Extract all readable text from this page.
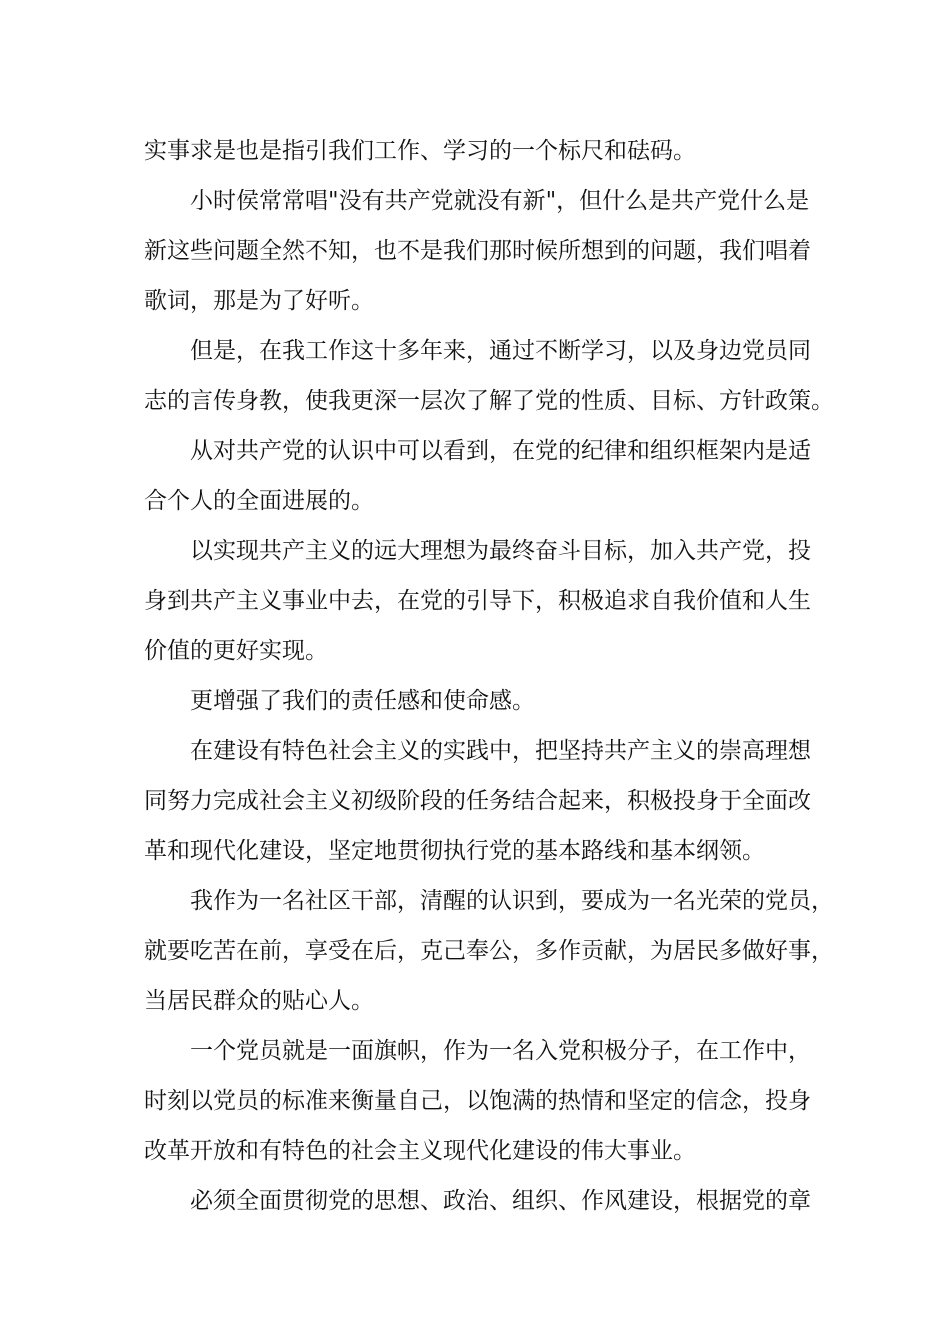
实事求是也是指引我们工作、学习的一个标尺和砝码。
小时侯常常唱"没有共产党就没有新"，但什么是共产党什么是
新这些问题全然不知，也不是我们那时候所想到的问题，我们唱着
歌词，那是为了好听。
但是，在我工作这十多年来，通过不断学习，以及身边党员同
志的言传身教，使我更深一层次了解了党的性质、目标、方针政策。
从对共产党的认识中可以看到，在党的纪律和组织框架内是适
合个人的全面进展的。
以实现共产主义的远大理想为最终奋斗目标，加入共产党，投
身到共产主义事业中去，在党的引导下，积极追求自我价值和人生
价值的更好实现。
更增强了我们的责任感和使命感。
在建设有特色社会主义的实践中，把坚持共产主义的崇高理想
同努力完成社会主义初级阶段的任务结合起来，积极投身于全面改
革和现代化建设，坚定地贯彻执行党的基本路线和基本纲领。
我作为一名社区干部，清醒的认识到，要成为一名光荣的党员，
就要吃苦在前，享受在后，克己奉公，多作贡献，为居民多做好事，
当居民群众的贴心人。
一个党员就是一面旗帜，作为一名入党积极分子，在工作中，
时刻以党员的标准来衡量自己，以饱满的热情和坚定的信念，投身
改革开放和有特色的社会主义现代化建设的伟大事业。
必须全面贯彻党的思想、政治、组织、作风建设，根据党的章
